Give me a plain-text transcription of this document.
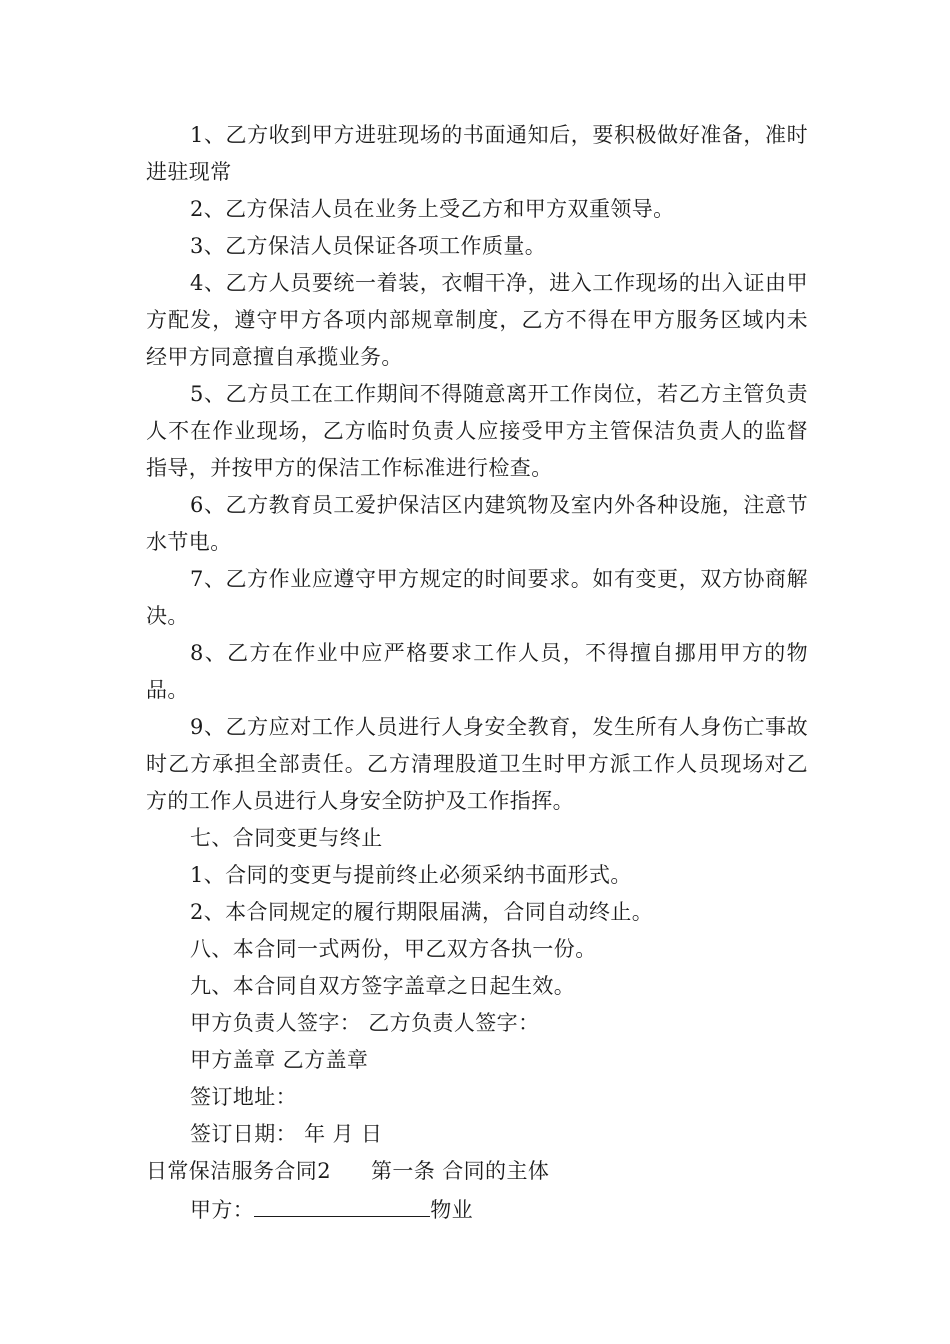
1、乙方收到甲方进驻现场的书面通知后，要积极做好准备，准时进驻现常

2、乙方保洁人员在业务上受乙方和甲方双重领导。

3、乙方保洁人员保证各项工作质量。

4、乙方人员要统一着装，衣帽干净，进入工作现场的出入证由甲方配发，遵守甲方各项内部规章制度，乙方不得在甲方服务区域内未经甲方同意擅自承揽业务。

5、乙方员工在工作期间不得随意离开工作岗位，若乙方主管负责人不在作业现场，乙方临时负责人应接受甲方主管保洁负责人的监督指导，并按甲方的保洁工作标准进行检查。

6、乙方教育员工爱护保洁区内建筑物及室内外各种设施，注意节水节电。

7、乙方作业应遵守甲方规定的时间要求。如有变更，双方协商解决。

8、乙方在作业中应严格要求工作人员，不得擅自挪用甲方的物品。

9、乙方应对工作人员进行人身安全教育，发生所有人身伤亡事故时乙方承担全部责任。乙方清理股道卫生时甲方派工作人员现场对乙方的工作人员进行人身安全防护及工作指挥。

七、合同变更与终止

1、合同的变更与提前终止必须采纳书面形式。

2、本合同规定的履行期限届满，合同自动终止。

八、本合同一式两份，甲乙双方各执一份。

九、本合同自双方签字盖章之日起生效。

甲方负责人签字： 乙方负责人签字：

甲方盖章 乙方盖章

签订地址：

签订日期： 年 月 日

日常保洁服务合同2 第一条 合同的主体

甲方：	物业
